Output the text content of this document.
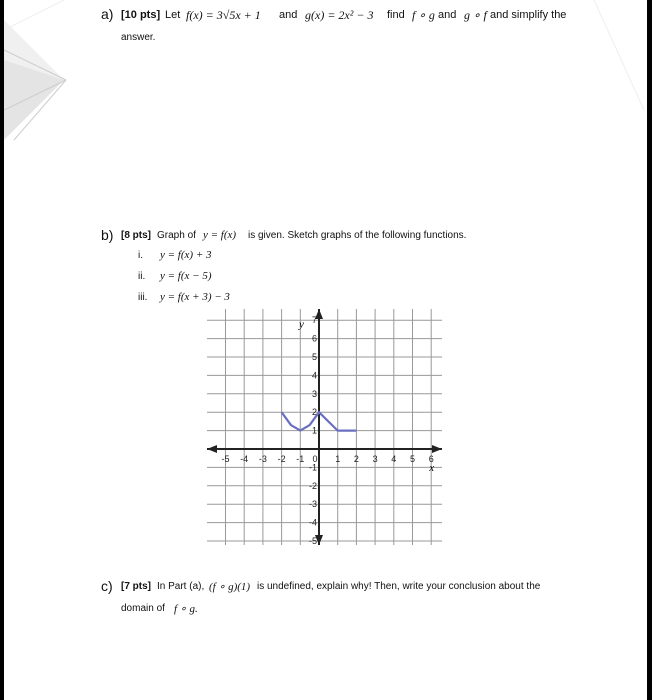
a) [10 pts] Let f(x) = 3√5x + 1 and g(x) = 2x² − 3 find f ∘ g and g ∘ f and simplify the
answer.
b) [8 pts] Graph of y = f(x) is given. Sketch graphs of the following functions.
i. y = f(x) + 3
ii. y = f(x − 5)
iii. y = f(x + 3) − 3
c) [7 pts] In Part (a), (f ∘ g)(1) is undefined, explain why! Then, write your conclusion about the
domain of f ∘ g.
-5 -4 -3 -2 -1 0 1 2 3 4 5 6
7
6
5
4
3
2
1
-1
-2
-3
-4
-5
x
y
